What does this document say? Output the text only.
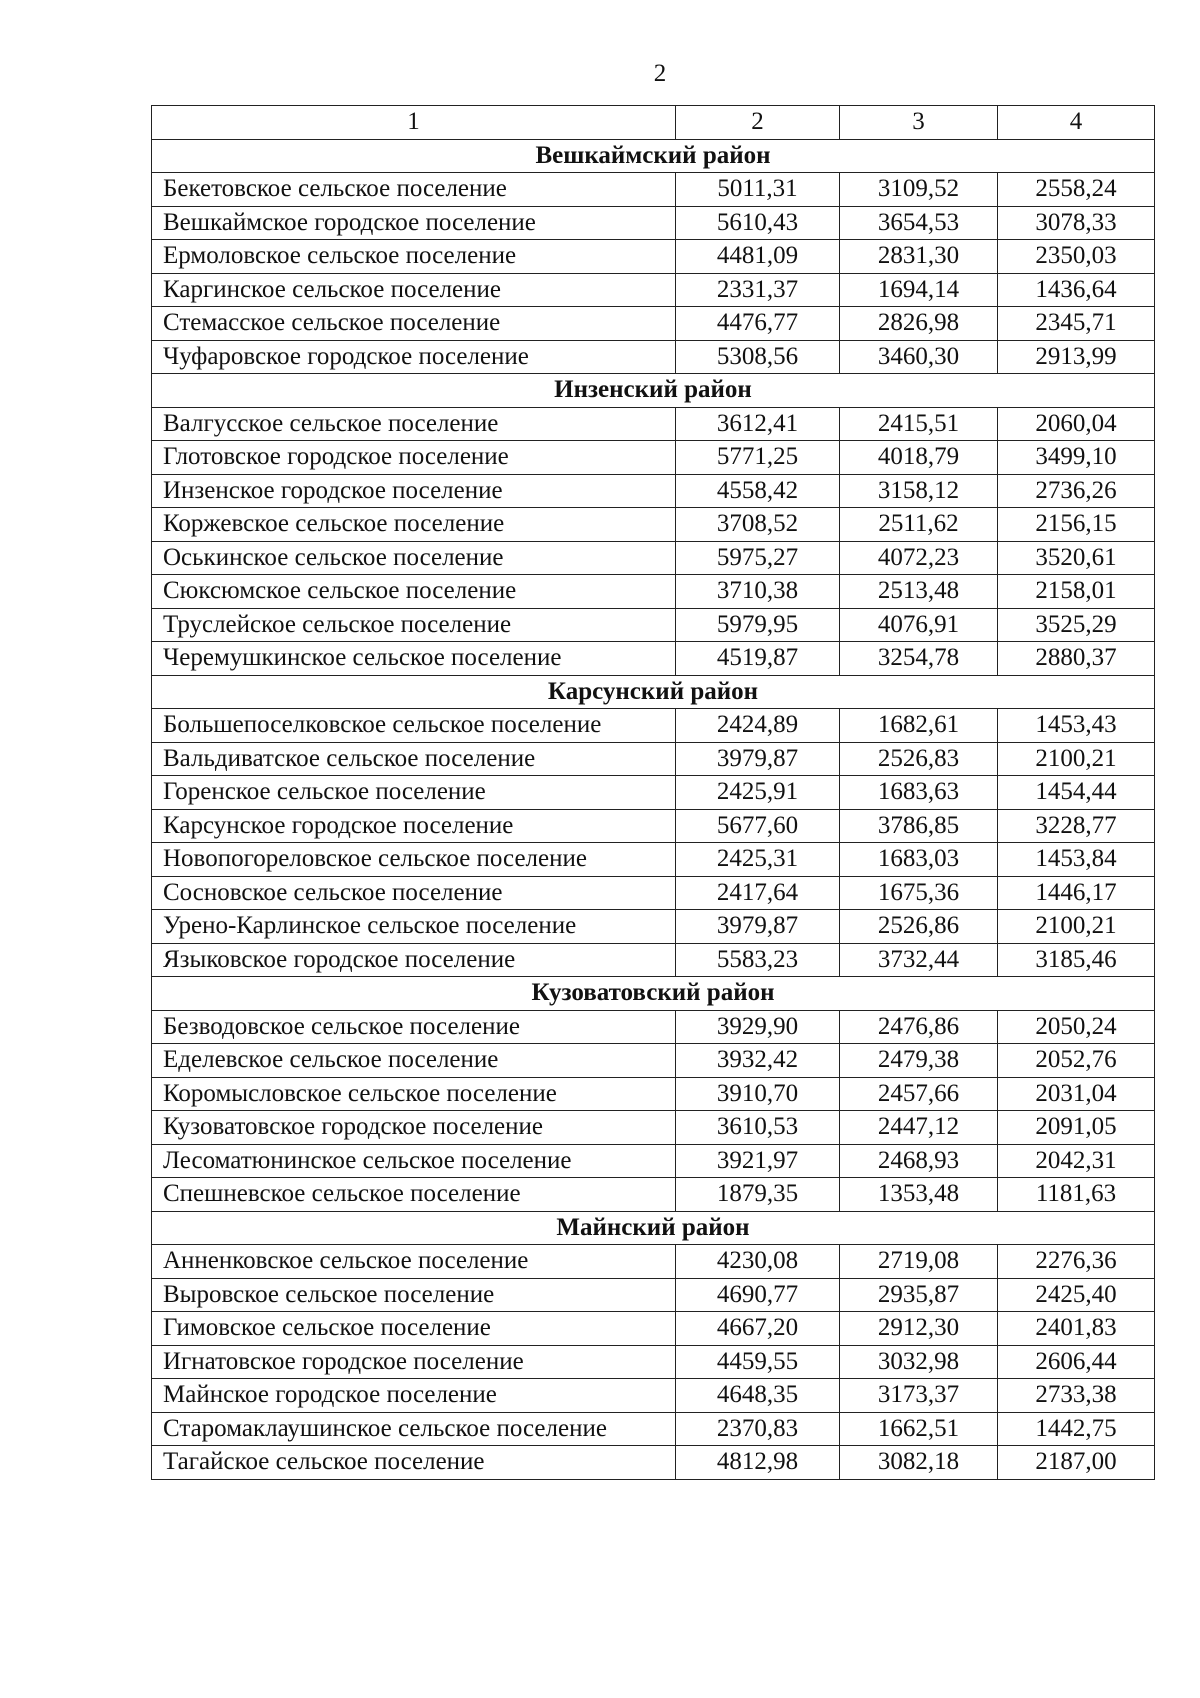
2
1	2	3	4
Вешкаймский район			
Бекетовское сельское поселение	5011,31	3109,52	2558,24
Вешкаймское городское поселение	5610,43	3654,53	3078,33
Ермоловское сельское поселение	4481,09	2831,30	2350,03
Каргинское сельское поселение	2331,37	1694,14	1436,64
Стемасское сельское поселение	4476,77	2826,98	2345,71
Чуфаровское городское поселение	5308,56	3460,30	2913,99
Инзенский район			
Валгусское сельское поселение	3612,41	2415,51	2060,04
Глотовское городское поселение	5771,25	4018,79	3499,10
Инзенское городское поселение	4558,42	3158,12	2736,26
Коржевское сельское поселение	3708,52	2511,62	2156,15
Оськинское сельское поселение	5975,27	4072,23	3520,61
Сюксюмское сельское поселение	3710,38	2513,48	2158,01
Труслейское сельское поселение	5979,95	4076,91	3525,29
Черемушкинское сельское поселение	4519,87	3254,78	2880,37
Карсунский район			
Большепоселковское сельское поселение	2424,89	1682,61	1453,43
Вальдиватское сельское поселение	3979,87	2526,83	2100,21
Горенское сельское поселение	2425,91	1683,63	1454,44
Карсунское городское поселение	5677,60	3786,85	3228,77
Новопогореловское сельское поселение	2425,31	1683,03	1453,84
Сосновское сельское поселение	2417,64	1675,36	1446,17
Урено-Карлинское сельское поселение	3979,87	2526,86	2100,21
Языковское городское поселение	5583,23	3732,44	3185,46
Кузоватовский район			
Безводовское сельское поселение	3929,90	2476,86	2050,24
Еделевское сельское поселение	3932,42	2479,38	2052,76
Коромысловское сельское поселение	3910,70	2457,66	2031,04
Кузоватовское городское поселение	3610,53	2447,12	2091,05
Лесоматюнинское сельское поселение	3921,97	2468,93	2042,31
Спешневское сельское поселение	1879,35	1353,48	1181,63
Майнский район			
Анненковское сельское поселение	4230,08	2719,08	2276,36
Выровское сельское поселение	4690,77	2935,87	2425,40
Гимовское сельское поселение	4667,20	2912,30	2401,83
Игнатовское городское поселение	4459,55	3032,98	2606,44
Майнское городское поселение	4648,35	3173,37	2733,38
Старомаклаушинское сельское поселение	2370,83	1662,51	1442,75
Тагайское сельское поселение	4812,98	3082,18	2187,00
